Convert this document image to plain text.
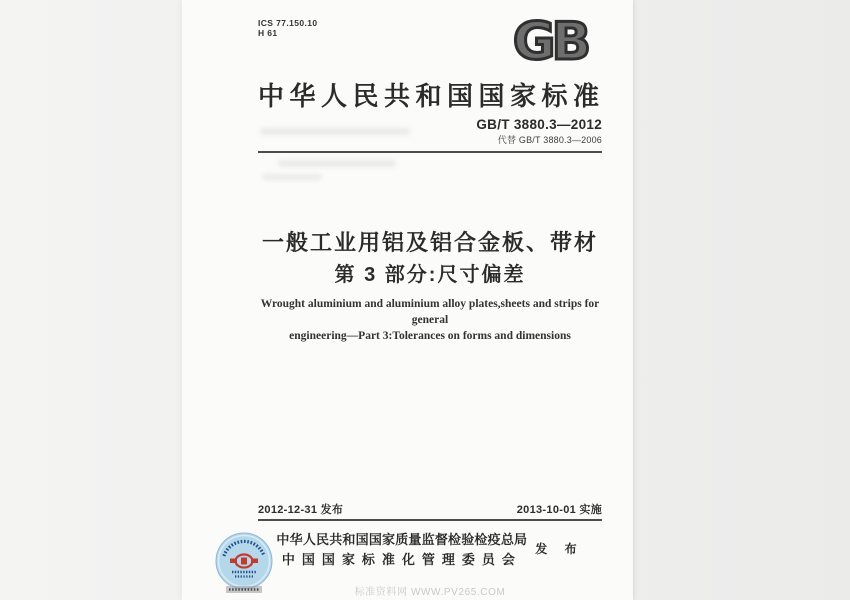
ICS 77.150.10
H 61	GB
中华人民共和国国家标准
GB/T 3880.3—2012
代替 GB/T 3880.3—2006
一般工业用铝及铝合金板、带材
第 3 部分:尺寸偏差
Wrought aluminium and aluminium alloy plates,sheets and strips for general
engineering—Part 3:Tolerances on forms and dimensions
2012-12-31 发布	2013-10-01 实施
中华人民共和国国家质量监督检验检疫总局
中国国家标准化管理委员会
发 布
标准资料网 WWW.PV265.COM
